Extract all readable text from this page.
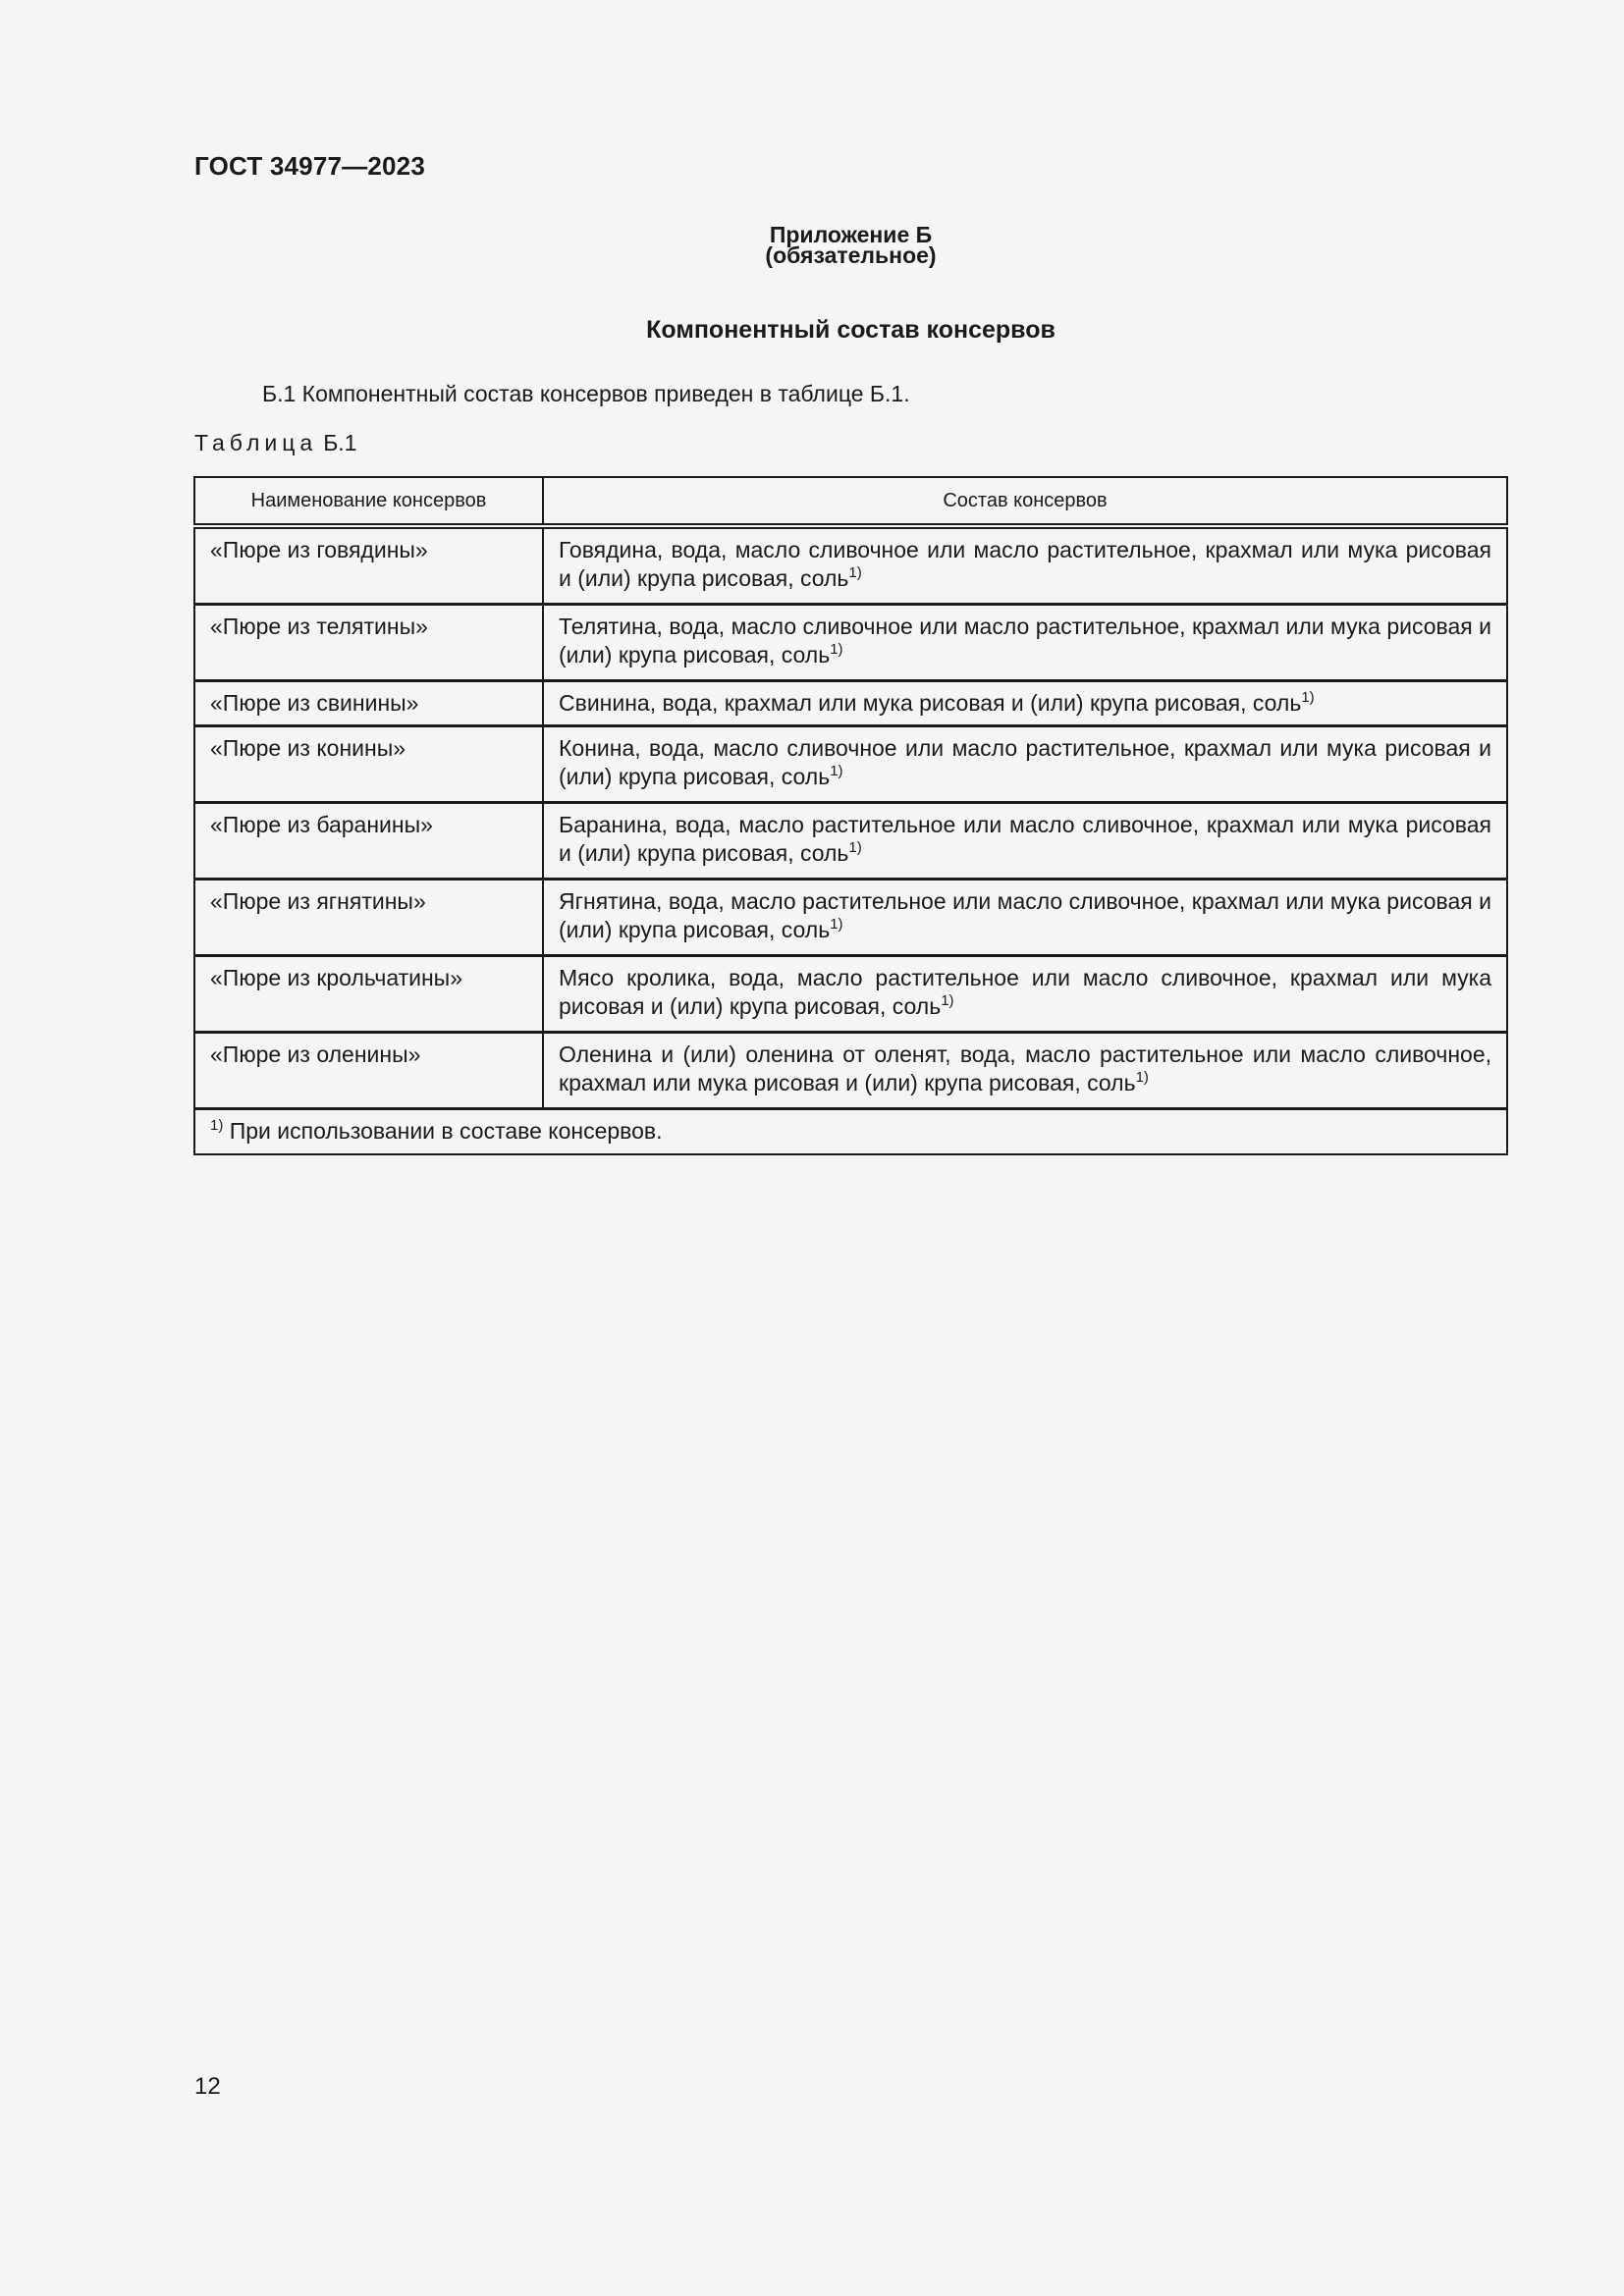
ГОСТ 34977—2023
Приложение Б
(обязательное)
Компонентный состав консервов
Б.1 Компонентный состав консервов приведен в таблице Б.1.
Таблица Б.1
Наименование консервов	Состав консервов
«Пюре из говядины»	Говядина, вода, масло сливочное или масло растительное, крахмал или мука рисовая и (или) крупа рисовая, соль$^{1)}$
«Пюре из телятины»	Телятина, вода, масло сливочное или масло растительное, крахмал или мука рисовая и (или) крупа рисовая, соль$^{1)}$
«Пюре из свинины»	Свинина, вода, крахмал или мука рисовая и (или) крупа рисовая, соль$^{1)}$
«Пюре из конины»	Конина, вода, масло сливочное или масло растительное, крахмал или мука рисовая и (или) крупа рисовая, соль$^{1)}$
«Пюре из баранины»	Баранина, вода, масло растительное или масло сливочное, крахмал или мука рисовая и (или) крупа рисовая, соль$^{1)}$
«Пюре из ягнятины»	Ягнятина, вода, масло растительное или масло сливочное, крахмал или мука рисовая и (или) крупа рисовая, соль$^{1)}$
«Пюре из крольчатины»	Мясо кролика, вода, масло растительное или масло сливочное, крахмал или мука рисовая и (или) крупа рисовая, соль$^{1)}$
«Пюре из оленины»	Оленина и (или) оленина от оленят, вода, масло растительное или масло сливочное, крахмал или мука рисовая и (или) крупа рисовая, соль$^{1)}$
$^{1)}$ При использовании в составе консервов.	
12
